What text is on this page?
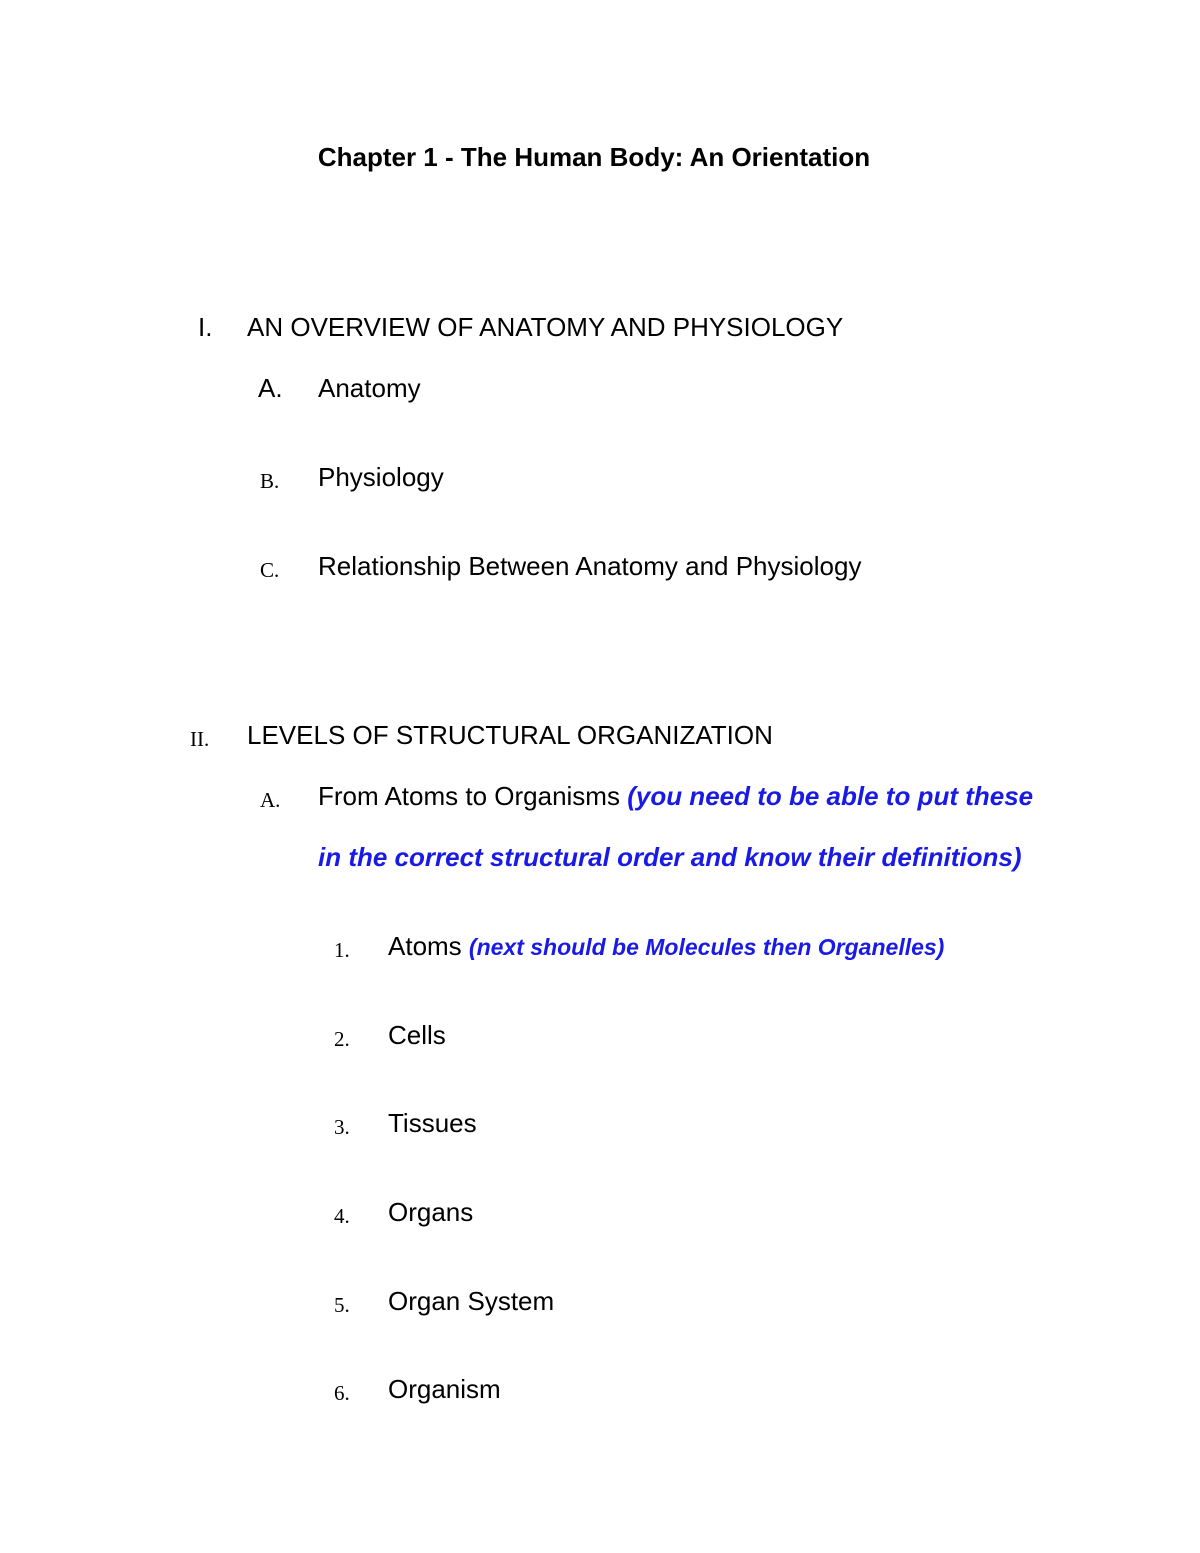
Chapter 1 - The Human Body: An Orientation
I. AN OVERVIEW OF ANATOMY AND PHYSIOLOGY
A. Anatomy
B. Physiology
C. Relationship Between Anatomy and Physiology
II. LEVELS OF STRUCTURAL ORGANIZATION
A. From Atoms to Organisms (you need to be able to put these
in the correct structural order and know their definitions)
1. Atoms (next should be Molecules then Organelles)
2. Cells
3. Tissues
4. Organs
5. Organ System
6. Organism
